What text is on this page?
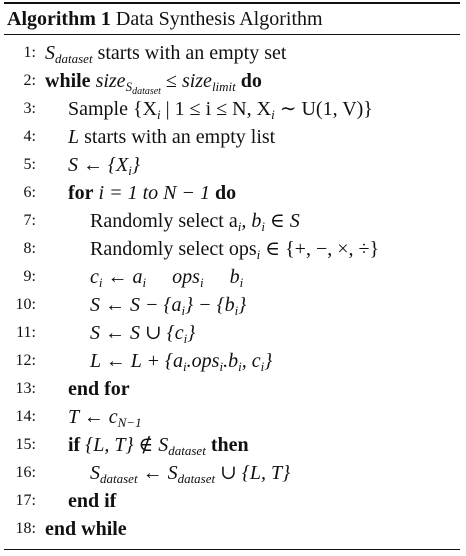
Algorithm 1 Data Synthesis Algorithm
1: $S_{dataset}$ starts with an empty set
2: while size$_{S_{dataset}}$ ≤ size$_{limit}$ do
3: Sample {$X_i$ | 1 ≤ i ≤ N, $X_i$ ∼ U(1, V)}
4: L starts with an empty list
5: S ← $\{X_i\}$
6: for i = 1 to N − 1 do
7:	Randomly select $a_i$, $b_i$ ∈ S
8:	Randomly select ops$_i$ ∈ {+, −, ×, ÷}
9:	$c_i$ ← $a_i$ ops$_i$ $b_i$
10:	S ← $S - \{a_i\} - \{b_i\}$
11:	S ← S ∪ $\{c_i\}$
12:	L ← $L + \{a_i.ops_i.b_i$, $c_i$}
13: end for
14: T ← $c_{N-1}$
15: if {L, T} ∉ $S_{dataset}$ then
16:	$S_{dataset}$ ← $S_{dataset}$ ∪ {L, T}
17: end if
18: end while
